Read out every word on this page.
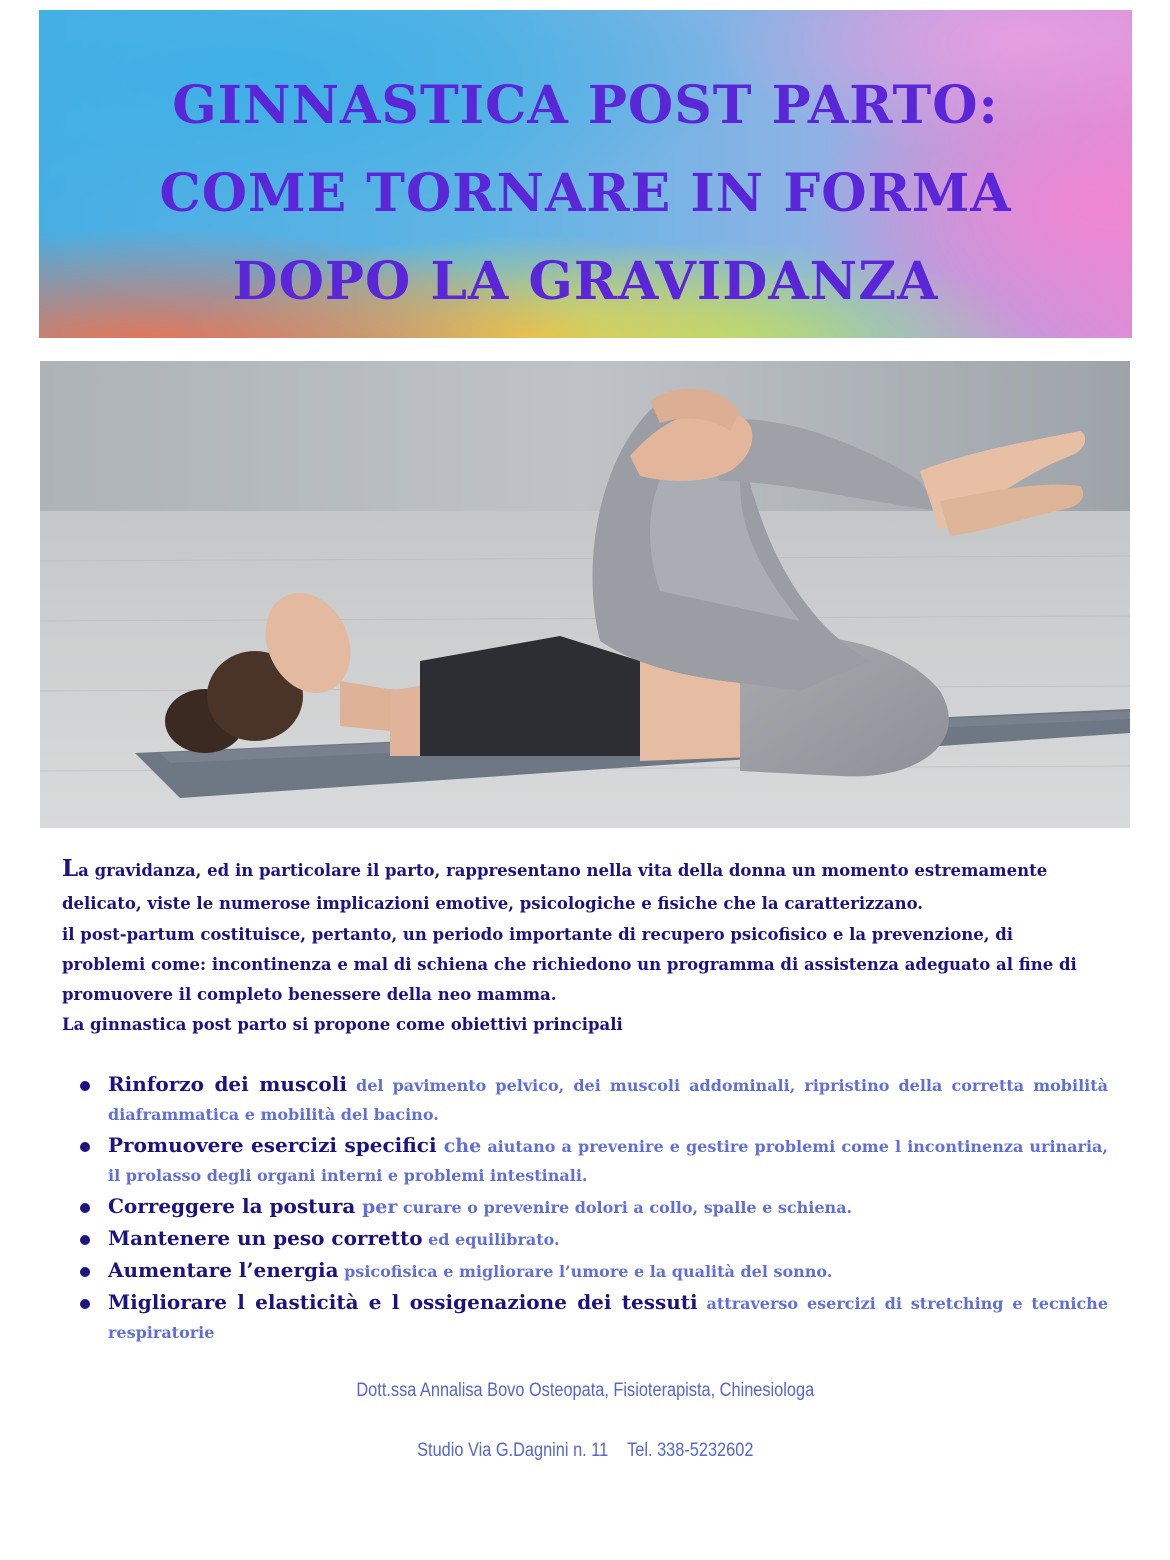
GINNASTICA POST PARTO: COME TORNARE IN FORMA DOPO LA GRAVIDANZA

La gravidanza, ed in particolare il parto, rappresentano nella vita della donna un momento estremamente delicato, viste le numerose implicazioni emotive, psicologiche e fisiche che la caratterizzano.

il post-partum costituisce, pertanto, un periodo importante di recupero psicofisico e la prevenzione, di problemi come: incontinenza e mal di schiena che richiedono un programma di assistenza adeguato al fine di promuovere il completo benessere della neo mamma.

La ginnastica post parto si propone come obiettivi principali

Rinforzo dei muscoli del pavimento pelvico, dei muscoli addominali, ripristino della corretta mobilità diaframmatica e mobilità del bacino.
Promuovere esercizi specifici che aiutano a prevenire e gestire problemi come l incontinenza urinaria, il prolasso degli organi interni e problemi intestinali.
Correggere la postura per curare o prevenire dolori a collo, spalle e schiena.
Mantenere un peso corretto ed equilibrato.
Aumentare l’energia psicofisica e migliorare l’umore e la qualità del sonno.
Migliorare l elasticità e l ossigenazione dei tessuti attraverso esercizi di stretching e tecniche respiratorie
Dott.ssa Annalisa Bovo Osteopata, Fisioterapista, Chinesiologa
Studio Via G.Dagnini n. 11 Tel. 338-5232602
